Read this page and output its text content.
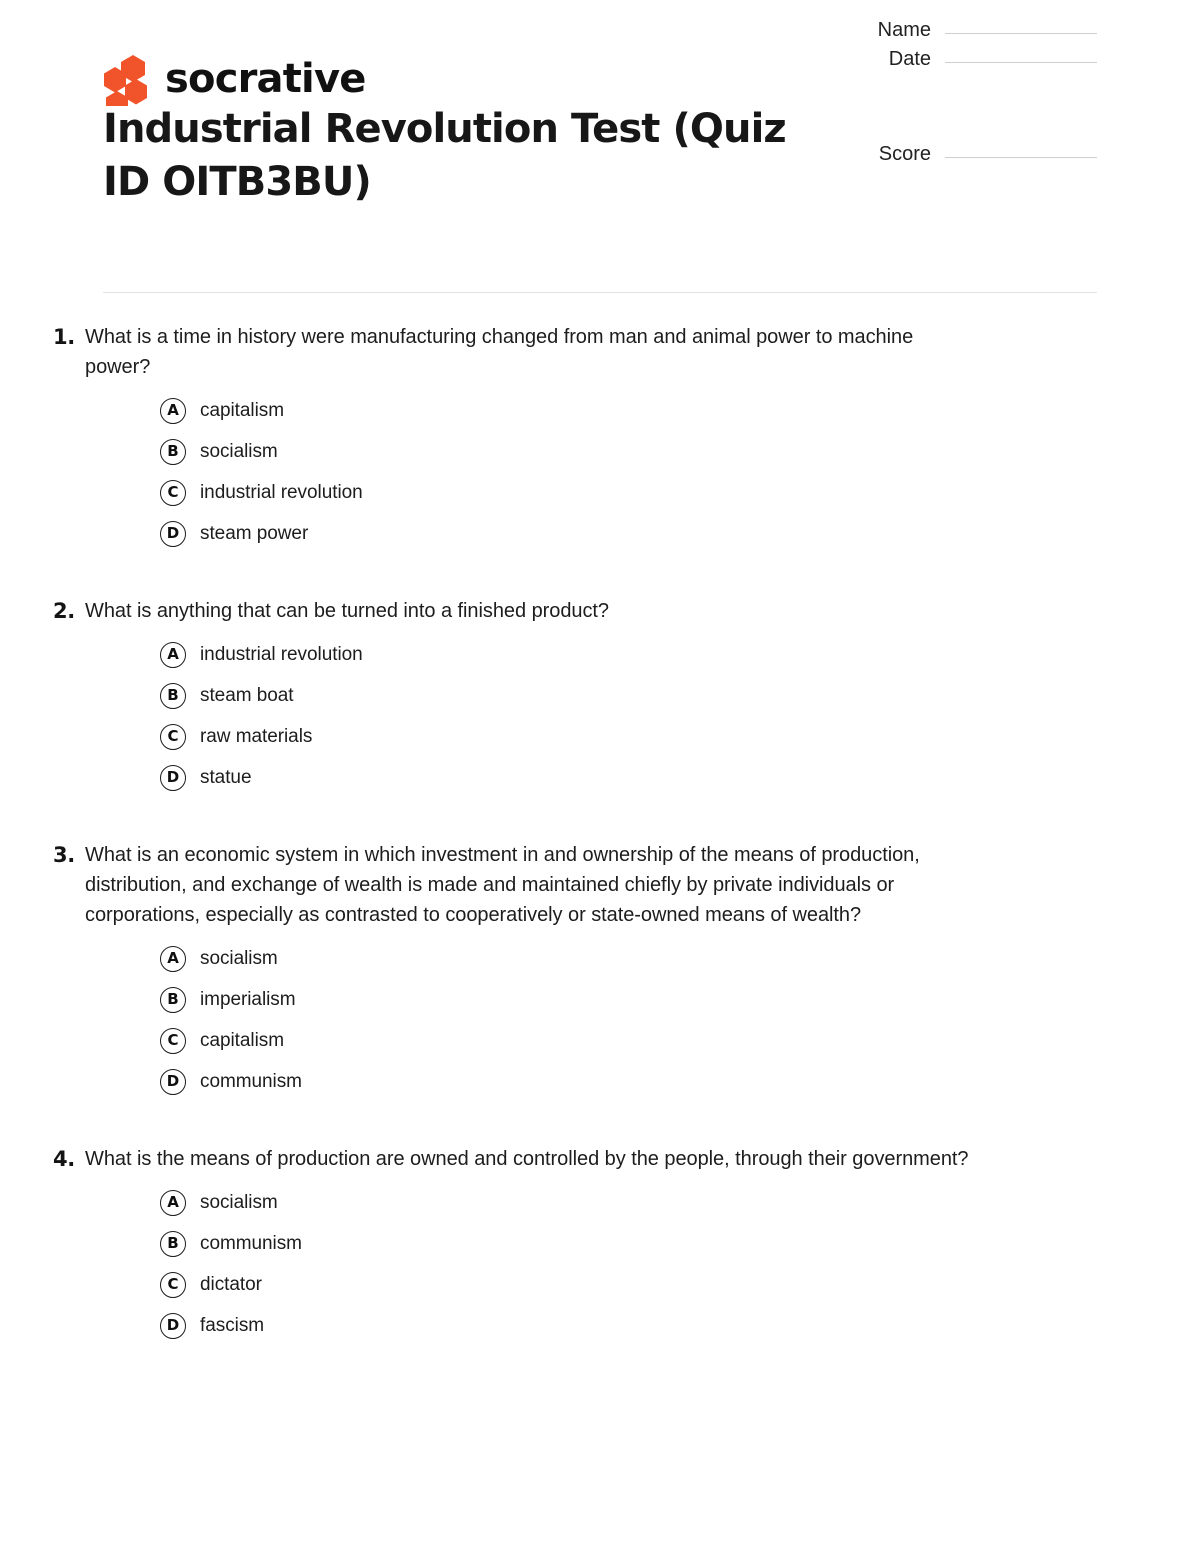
socrative
Industrial Revolution Test (Quiz ID OITB3BU)
Name
Date
Score
1. What is a time in history were manufacturing changed from man and animal power to machine power?
A	capitalism
B	socialism
C	industrial revolution
D	steam power
2. What is anything that can be turned into a finished product?
A	industrial revolution
B	steam boat
C	raw materials
D	statue
3. What is an economic system in which investment in and ownership of the means of production, distribution, and exchange of wealth is made and maintained chiefly by private individuals or corporations, especially as contrasted to cooperatively or state-owned means of wealth?
A	socialism
B	imperialism
C	capitalism
D	communism
4. What is the means of production are owned and controlled by the people, through their government?
A	socialism
B	communism
C	dictator
D	fascism
